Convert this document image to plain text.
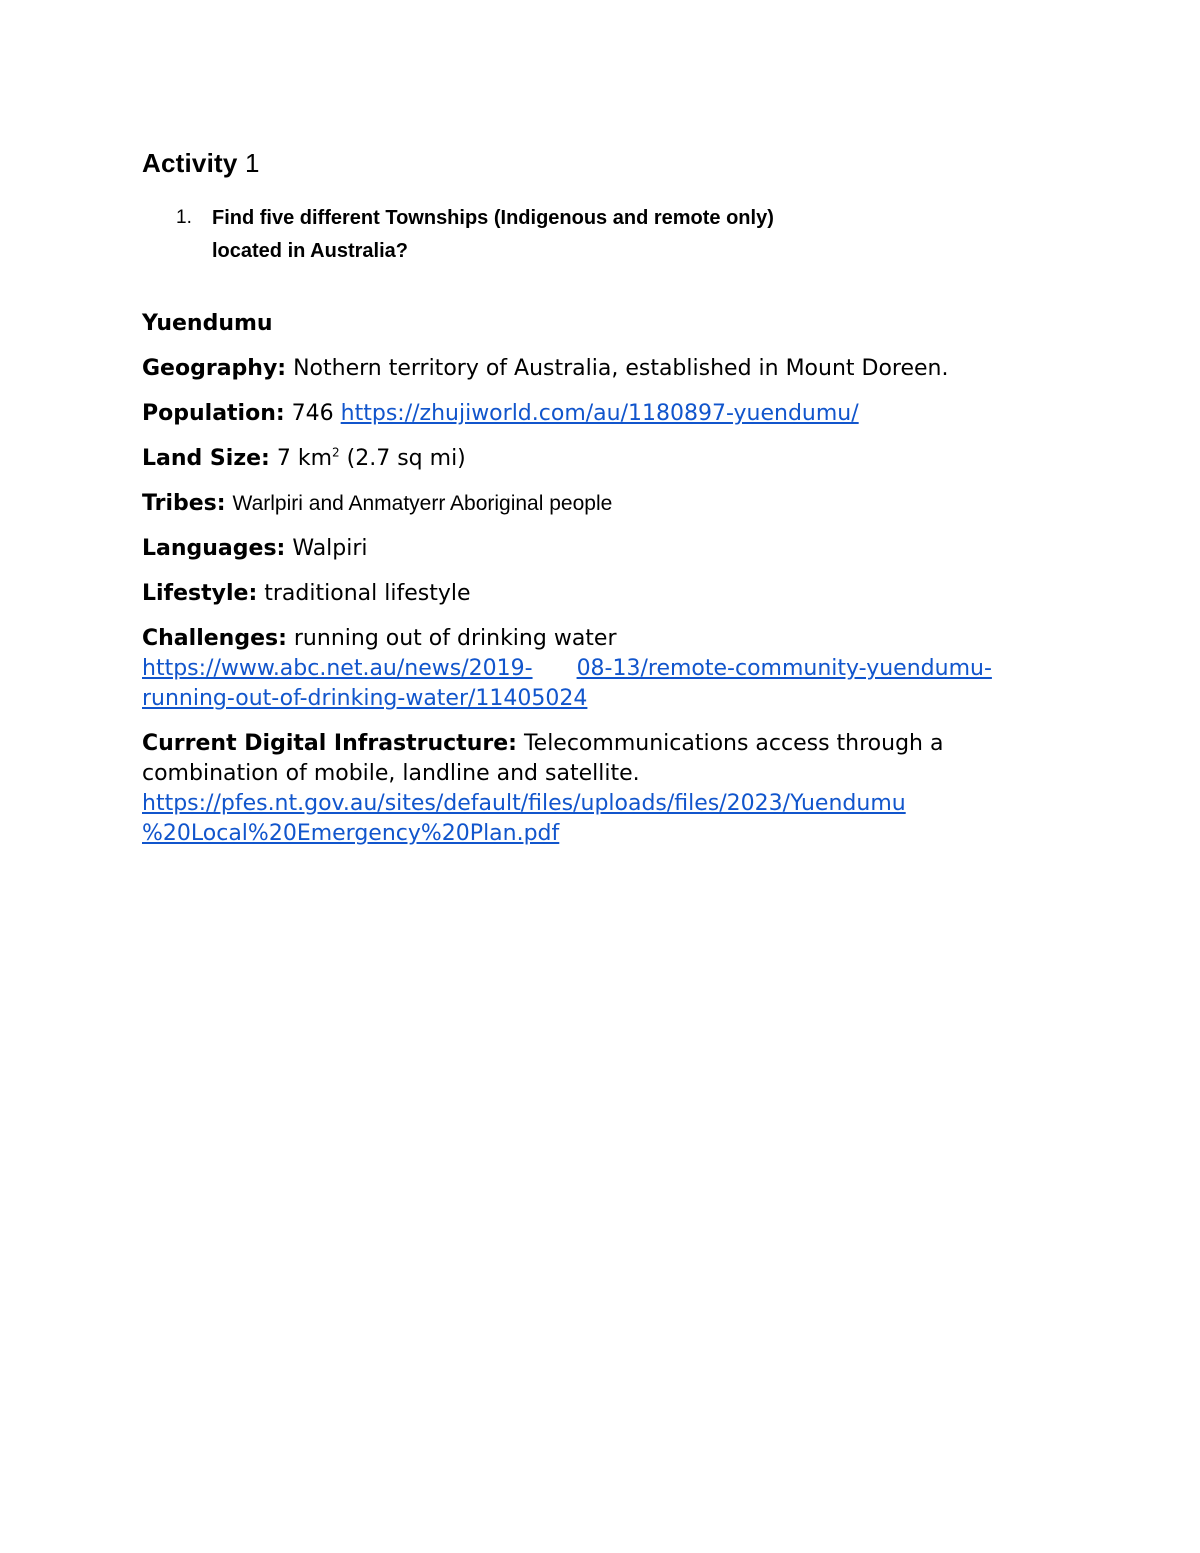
Activity 1
1. Find five different Townships (Indigenous and remote only)
located in Australia?
Yuendumu
Geography: Nothern territory of Australia, established in Mount Doreen.
Population: 746 https://zhujiworld.com/au/1180897-yuendumu/
Land Size: 7 $km^2$ (2.7 sq mi)
Tribes: Warlpiri and Anmatyerr Aboriginal people
Languages: Walpiri
Lifestyle: traditional lifestyle
Challenges: running out of drinking water
https://www.abc.net.au/news/2019- 08-13/remote-community-yuendumu-
running-out-of-drinking-water/11405024
Current Digital Infrastructure: Telecommunications access through a
combination of mobile, landline and satellite.
https://pfes.nt.gov.au/sites/default/files/uploads/files/2023/Yuendumu
%20Local%20Emergency%20Plan.pdf
